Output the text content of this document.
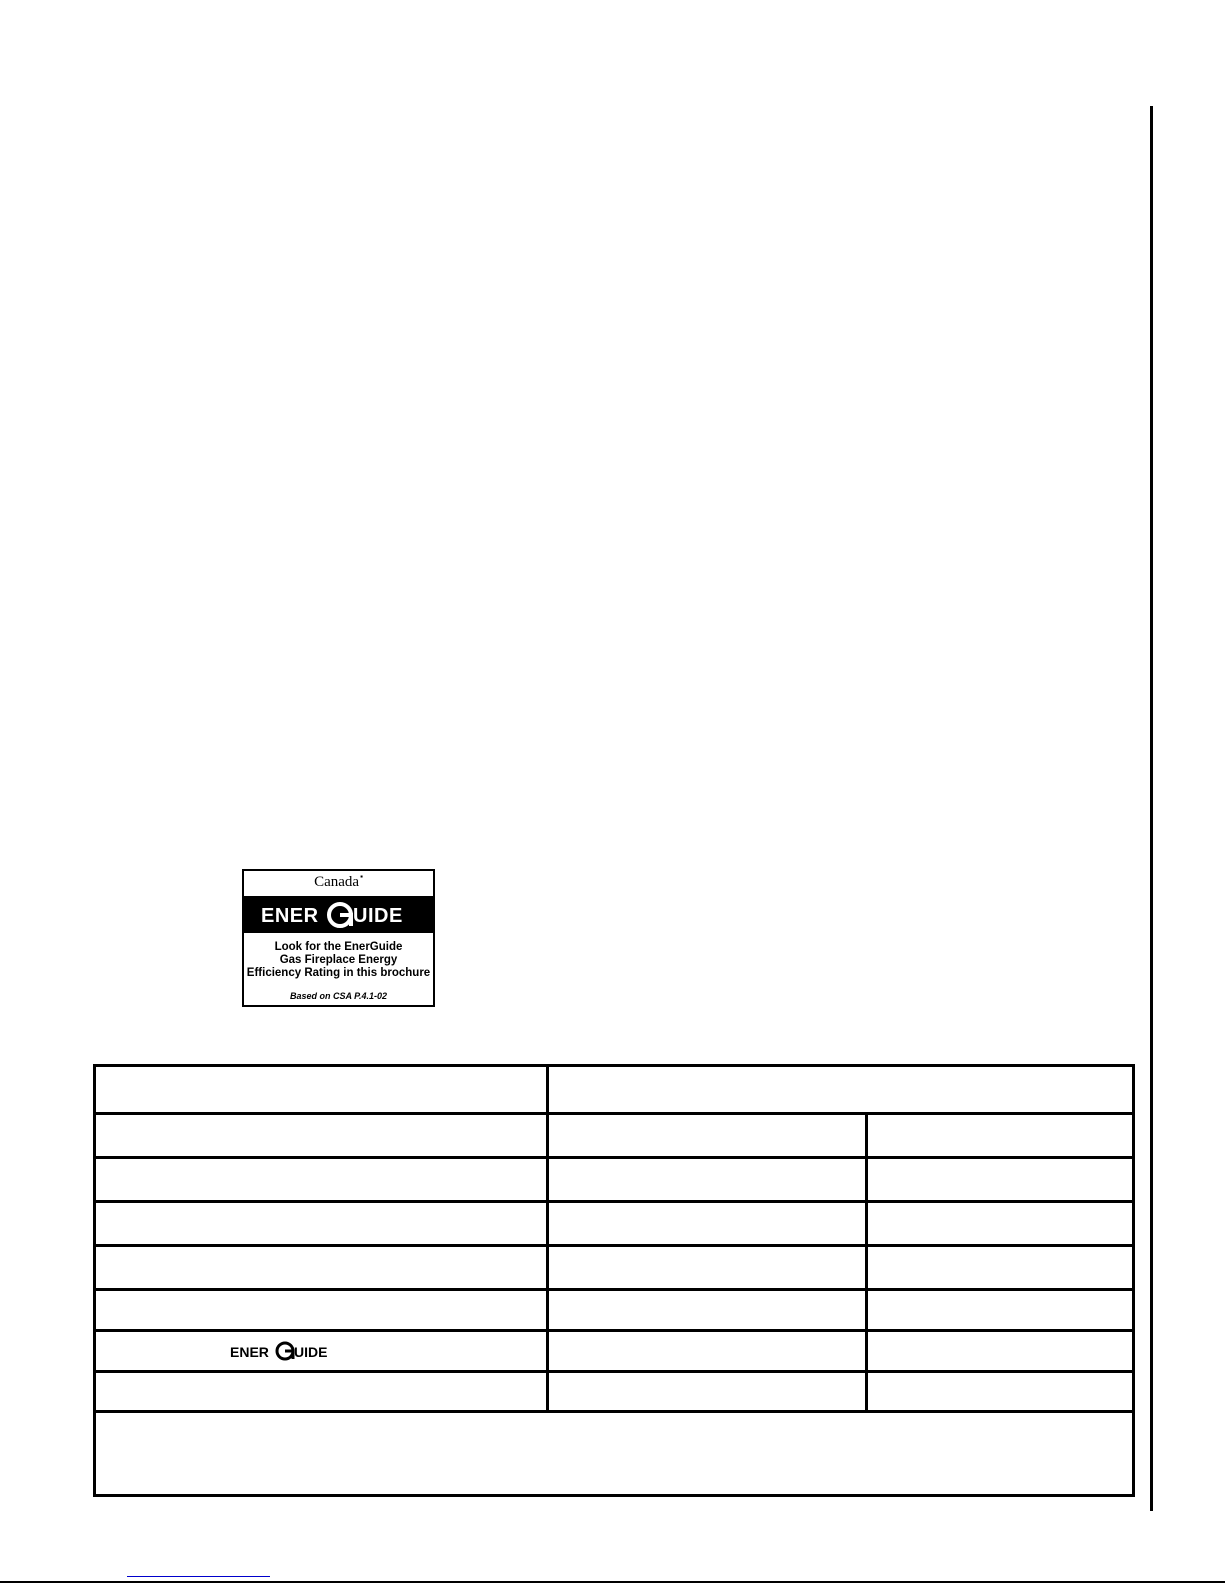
Canada▪
ENER UIDE
Look for the EnerGuide
Gas Fireplace Energy
Efficiency Rating in this brochure
Based on CSA P.4.1-02
ENER UIDE
